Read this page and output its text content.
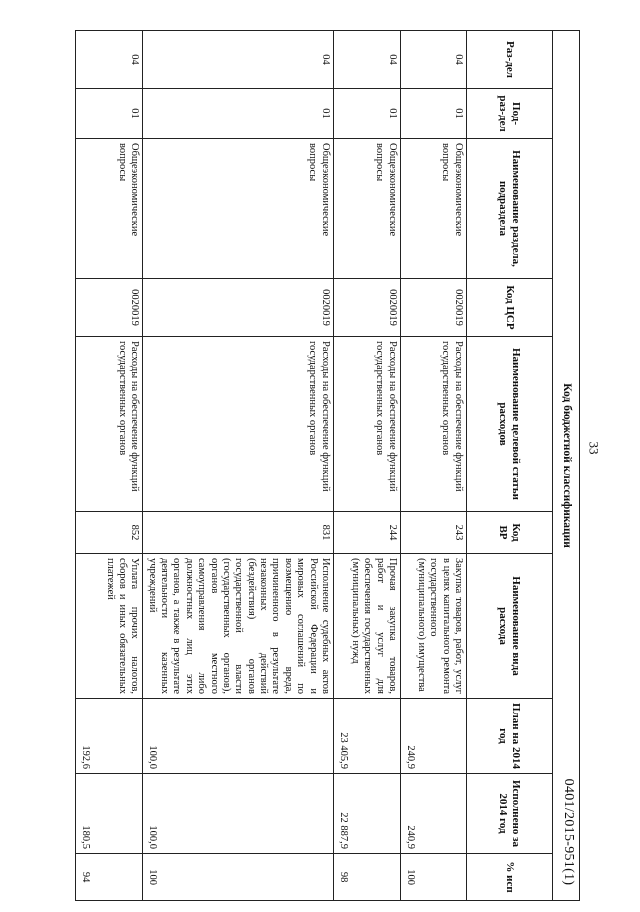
33
0401/2015-951(1)
Код бюджетной классификации									
Раз-дел	Под-раз-дел	Наименование раздела, подраздела	Код ЦСР	Наименование целевой статьи расходов	Код ВР	Наименование вида расхода	План на 2014 год	Исполнено за 2014 год	% исп
04	01	Общеэкономические вопросы	0020019	Расходы на обеспечение функций государственных органов	243	Закупка товаров, работ, услуг в целях капитального ремонта государственного (муниципального) имущества	240,9	240,9	100
04	01	Общеэкономические вопросы	0020019	Расходы на обеспечение функций государственных органов	244	Прочая закупка товаров, работ и услуг для обеспечения государственных (муниципальных) нужд	23 405,9	22 887,9	98
04	01	Общеэкономические вопросы	0020019	Расходы на обеспечение функций государственных органов	831	Исполнение судебных актов Российской Федерации и мировых соглашений по возмещению вреда, причиненного в результате незаконных действий (бездействия) органов государственной власти (государственных органов), органов местного самоуправления либо должностных лиц этих органов, а также в результате деятельности казенных учреждений	100,0	100,0	100
04	01	Общеэкономические вопросы	0020019	Расходы на обеспечение функций государственных органов	852	Уплата прочих налогов, сборов и иных обязательных платежей	192,6	180,5	94
